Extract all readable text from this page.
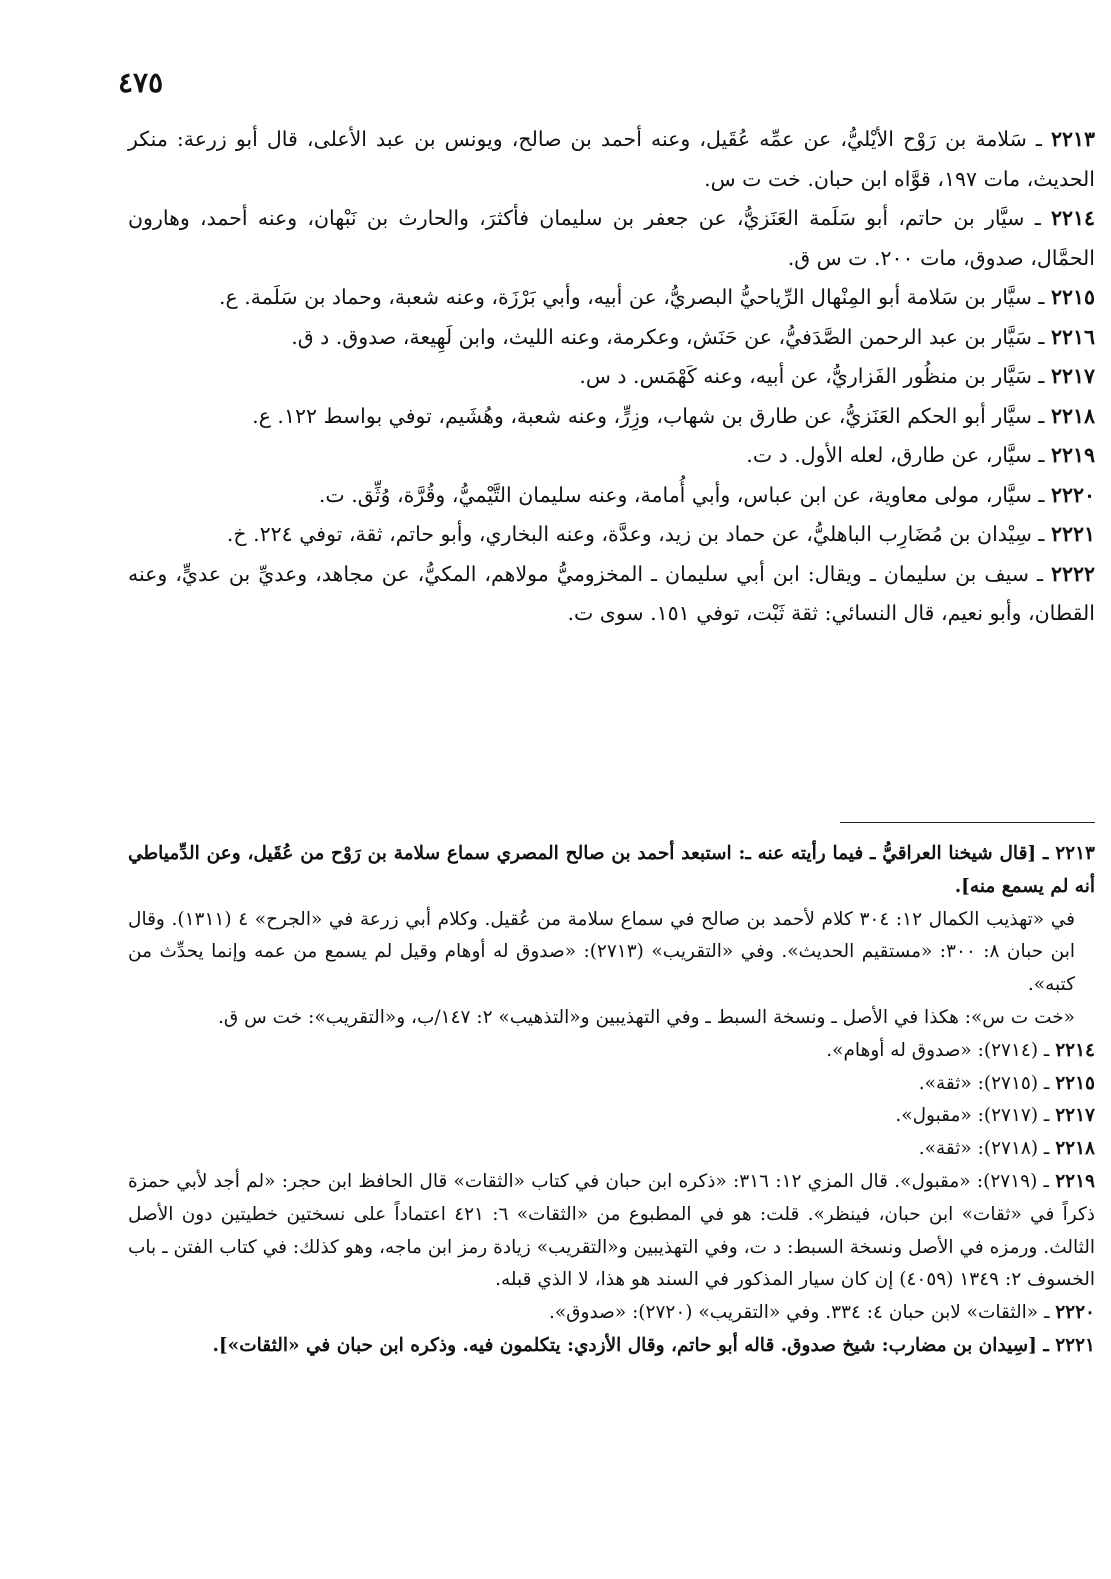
٤٧٥

٢٢١٣ ـ سَلامة بن رَوْح الأيْليُّ، عن عمِّه عُقَيل، وعنه أحمد بن صالح، ويونس بن عبد الأعلى، قال أبو زرعة: منكر الحديث، مات ١٩٧، قوَّاه ابن حبان. خت ت س.

٢٢١٤ ـ سيَّار بن حاتم، أبو سَلَمة العَنَزيُّ، عن جعفر بن سليمان فأكثرَ، والحارث بن نَبْهان، وعنه أحمد، وهارون الحمَّال، صدوق، مات ٢٠٠. ت س ق.

٢٢١٥ ـ سيَّار بن سَلامة أبو المِنْهال الرِّياحيُّ البصريُّ، عن أبيه، وأبي بَرْزَة، وعنه شعبة، وحماد بن سَلَمة. ع.

٢٢١٦ ـ سَيَّار بن عبد الرحمن الصَّدَفيُّ، عن حَنَش، وعكرمة، وعنه الليث، وابن لَهِيعة، صدوق. د ق.

٢٢١٧ ـ سَيَّار بن منظُور الفَزاريُّ، عن أبيه، وعنه كَهْمَس. د س.

٢٢١٨ ـ سيَّار أبو الحكم العَنَزيُّ، عن طارق بن شهاب، وزِرٍّ، وعنه شعبة، وهُشَيم، توفي بواسط ١٢٢. ع.

٢٢١٩ ـ سيَّار، عن طارق، لعله الأول. د ت.

٢٢٢٠ ـ سيَّار، مولى معاوية، عن ابن عباس، وأبي أُمامة، وعنه سليمان التَّيْميُّ، وقُرَّة، وُثِّق. ت.

٢٢٢١ ـ سِيْدان بن مُضَارِب الباهليُّ، عن حماد بن زيد، وعدَّة، وعنه البخاري، وأبو حاتم، ثقة، توفي ٢٢٤. خ.

٢٢٢٢ ـ سيف بن سليمان ـ ويقال: ابن أبي سليمان ـ المخزوميُّ مولاهم، المكيُّ، عن مجاهد، وعديِّ بن عديٍّ، وعنه القطان، وأبو نعيم، قال النسائي: ثقة ثَبْت، توفي ١٥١. سوى ت.

٢٢١٣ ـ [قال شيخنا العراقيُّ ـ فيما رأيته عنه ـ: استبعد أحمد بن صالح المصري سماع سلامة بن رَوْح من عُقَيل، وعن الدِّمياطي أنه لم يسمع منه].

في «تهذيب الكمال ١٢: ٣٠٤ كلام لأحمد بن صالح في سماع سلامة من عُقيل. وكلام أبي زرعة في «الجرح» ٤ (١٣١١). وقال ابن حبان ٨: ٣٠٠: «مستقيم الحديث». وفي «التقريب» (٢٧١٣): «صدوق له أوهام وقيل لم يسمع من عمه وإنما يحدِّث من كتبه».

«خت ت س»: هكذا في الأصل ـ ونسخة السبط ـ وفي التهذيبين و«التذهيب» ٢: ١٤٧/ب، و«التقريب»: خت س ق.

٢٢١٤ ـ (٢٧١٤): «صدوق له أوهام».

٢٢١٥ ـ (٢٧١٥): «ثقة».

٢٢١٧ ـ (٢٧١٧): «مقبول».

٢٢١٨ ـ (٢٧١٨): «ثقة».

٢٢١٩ ـ (٢٧١٩): «مقبول». قال المزي ١٢: ٣١٦: «ذكره ابن حبان في كتاب «الثقات» قال الحافظ ابن حجر: «لم أجد لأبي حمزة ذكراً في «ثقات» ابن حبان، فينظر». قلت: هو في المطبوع من «الثقات» ٦: ٤٢١ اعتماداً على نسختين خطيتين دون الأصل الثالث. ورمزه في الأصل ونسخة السبط: د ت، وفي التهذيبين و«التقريب» زيادة رمز ابن ماجه، وهو كذلك: في كتاب الفتن ـ باب الخسوف ٢: ١٣٤٩ (٤٠٥٩) إن كان سيار المذكور في السند هو هذا، لا الذي قبله.

٢٢٢٠ ـ «الثقات» لابن حبان ٤: ٣٣٤. وفي «التقريب» (٢٧٢٠): «صدوق».

٢٢٢١ ـ [سِيدان بن مضارب: شيخ صدوق. قاله أبو حاتم، وقال الأزدي: يتكلمون فيه. وذكره ابن حبان في «الثقات»].
